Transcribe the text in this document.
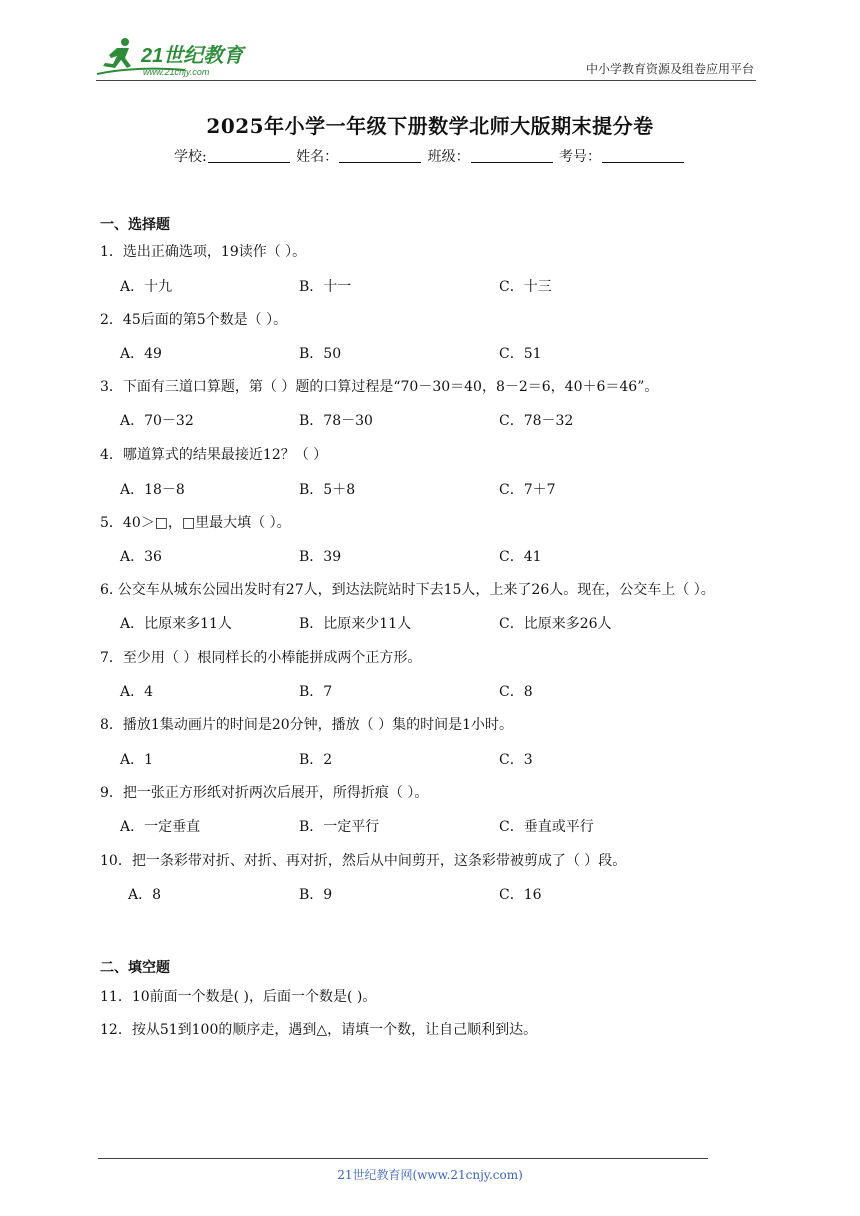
21世纪教育
www.21cnjy.com	中小学教育资源及组卷应用平台
2025年小学一年级下册数学北师大版期末提分卷
学校:	姓名：	班级：	考号：
一、选择题
1．选出正确选项，19读作（ ）。
A．十九	B．十一	C．十三
2．45后面的第5个数是（ ）。
A．49	B．50	C．51
3．下面有三道口算题，第（ ）题的口算过程是“70－30＝40，8－2＝6，40＋6＝46”。
A．70－32	B．78－30	C．78－32
4．哪道算式的结果最接近12？（ ）
A．18－8	B．5＋8	C．7＋7
5．40＞□，□里最大填（ ）。
A．36	B．39	C．41
6. 公交车从城东公园出发时有27人，到达法院站时下去15人，上来了26人。现在，公交车上（ ）。
A．比原来多11人	B．比原来少11人	C．比原来多26人
7．至少用（ ）根同样长的小棒能拼成两个正方形。
A．4	B．7	C．8
8．播放1集动画片的时间是20分钟，播放（ ）集的时间是1小时。
A．1	B．2	C．3
9．把一张正方形纸对折两次后展开，所得折痕（ ）。
A．一定垂直	B．一定平行	C．垂直或平行
10．把一条彩带对折、对折、再对折，然后从中间剪开，这条彩带被剪成了（ ）段。
A．8	B．9	C．16
二、填空题
11．10前面一个数是( )，后面一个数是( )。
12．按从51到100的顺序走，遇到△，请填一个数，让自己顺利到达。
21世纪教育网(www.21cnjy.com)
